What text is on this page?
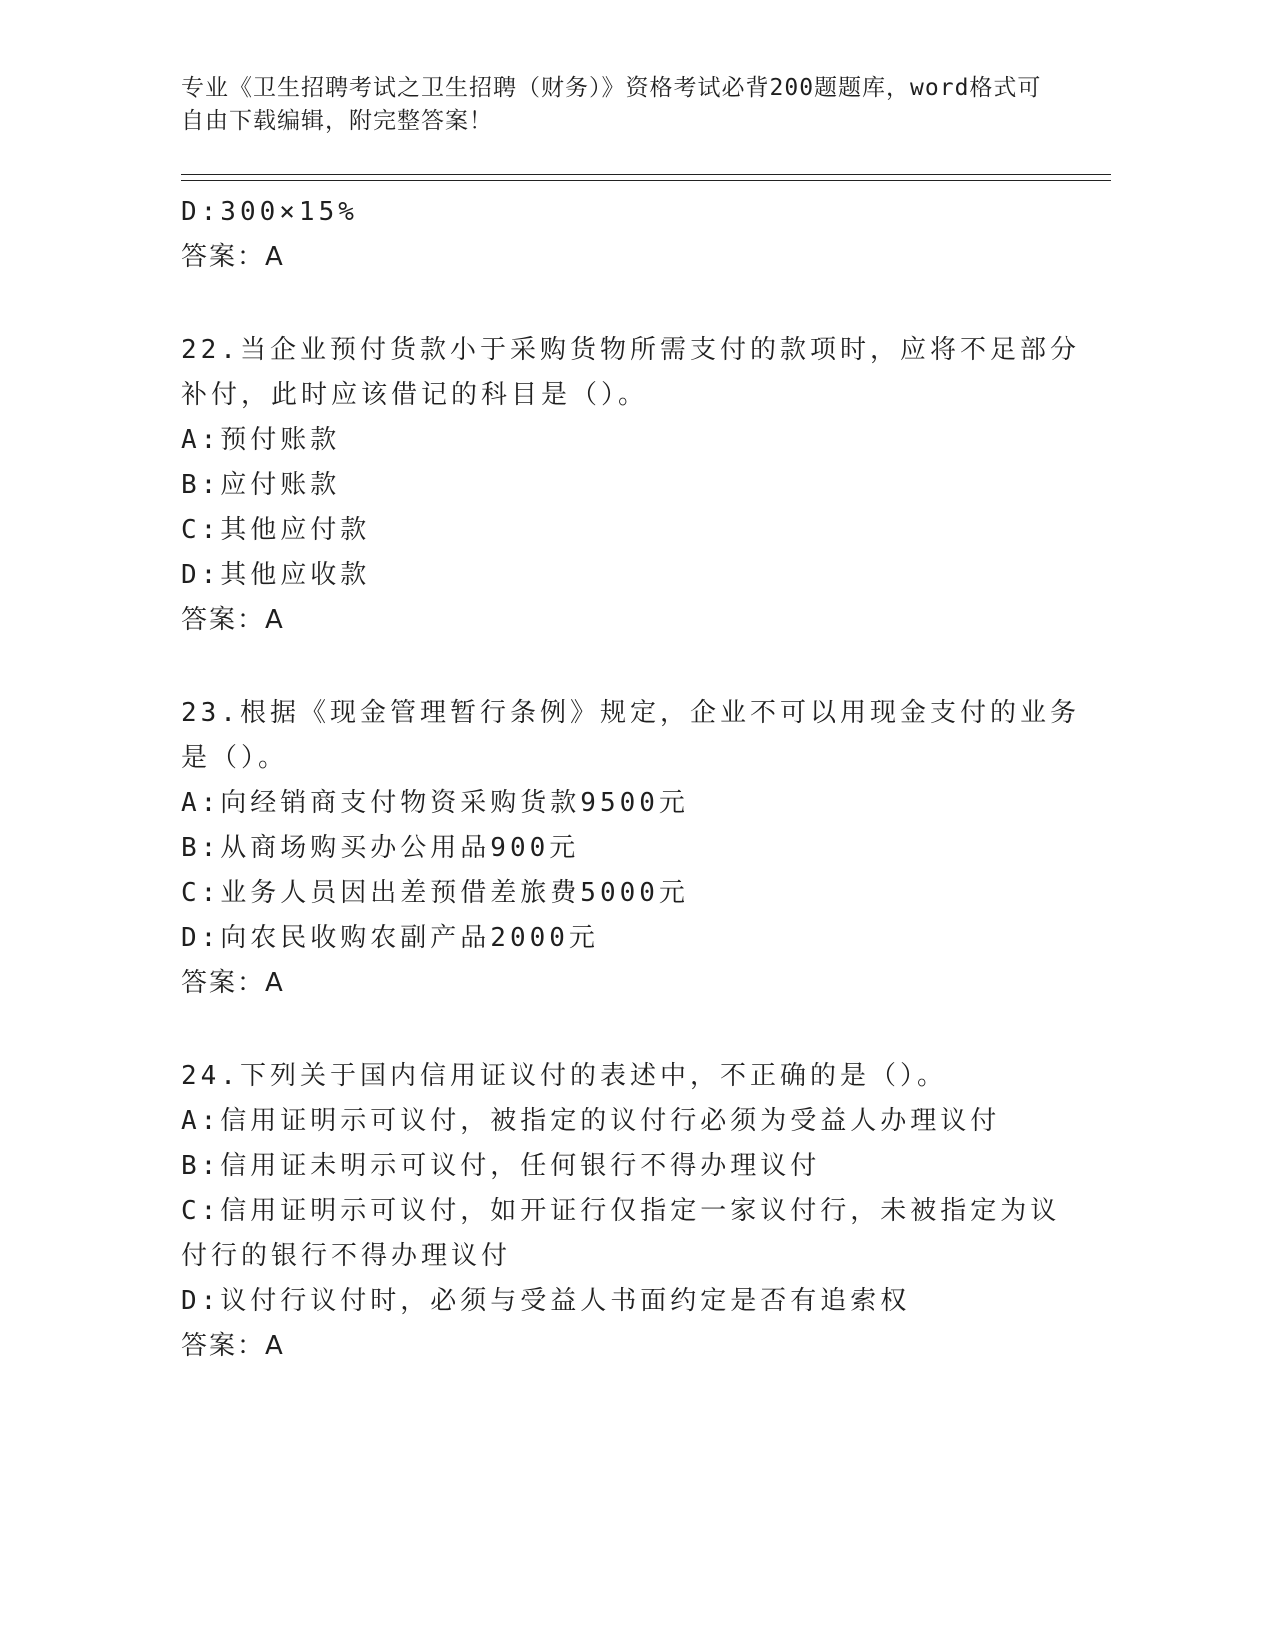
专业《卫生招聘考试之卫生招聘（财务）》资格考试必背200题题库，word格式可自由下载编辑，附完整答案！
D:300×15%
答案：A
22.当企业预付货款小于采购货物所需支付的款项时，应将不足部分补付，此时应该借记的科目是（）。
A:预付账款
B:应付账款
C:其他应付款
D:其他应收款
答案：A
23.根据《现金管理暂行条例》规定，企业不可以用现金支付的业务是（）。
A:向经销商支付物资采购货款9500元
B:从商场购买办公用品900元
C:业务人员因出差预借差旅费5000元
D:向农民收购农副产品2000元
答案：A
24.下列关于国内信用证议付的表述中，不正确的是（）。
A:信用证明示可议付，被指定的议付行必须为受益人办理议付
B:信用证未明示可议付，任何银行不得办理议付
C:信用证明示可议付，如开证行仅指定一家议付行，未被指定为议付行的银行不得办理议付
D:议付行议付时，必须与受益人书面约定是否有追索权
答案：A
